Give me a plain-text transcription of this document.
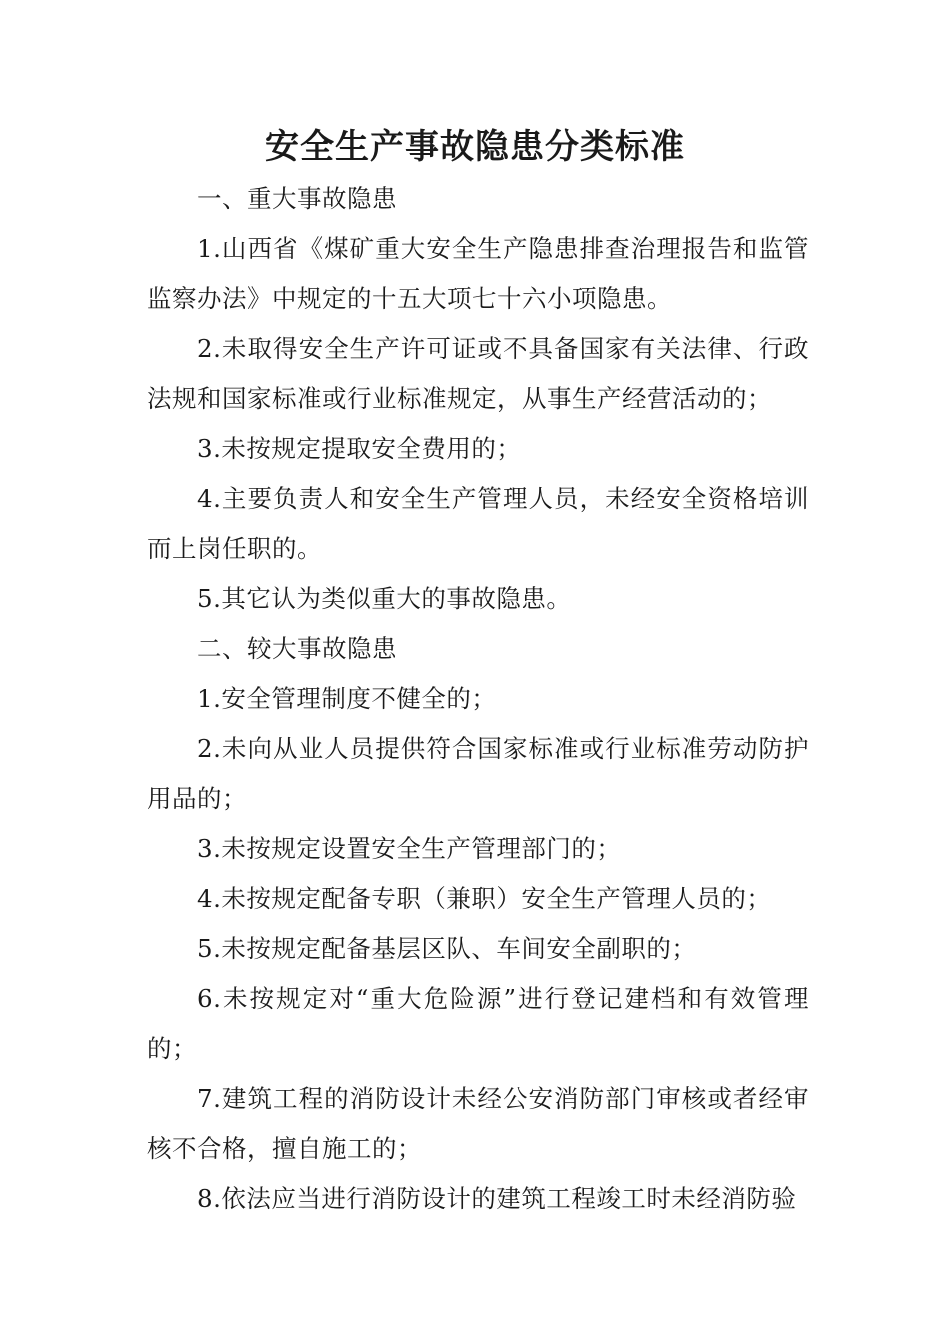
安全生产事故隐患分类标准

一、重大事故隐患

1.山西省《煤矿重大安全生产隐患排查治理报告和监管监察办法》中规定的十五大项七十六小项隐患。

2.未取得安全生产许可证或不具备国家有关法律、行政法规和国家标准或行业标准规定，从事生产经营活动的；

3.未按规定提取安全费用的；

4.主要负责人和安全生产管理人员，未经安全资格培训而上岗任职的。

5.其它认为类似重大的事故隐患。

二、较大事故隐患

1.安全管理制度不健全的；

2.未向从业人员提供符合国家标准或行业标准劳动防护用品的；

3.未按规定设置安全生产管理部门的；

4.未按规定配备专职（兼职）安全生产管理人员的；

5.未按规定配备基层区队、车间安全副职的；

6.未按规定对“重大危险源”进行登记建档和有效管理的；

7.建筑工程的消防设计未经公安消防部门审核或者经审核不合格，擅自施工的；

8.依法应当进行消防设计的建筑工程竣工时未经消防验
